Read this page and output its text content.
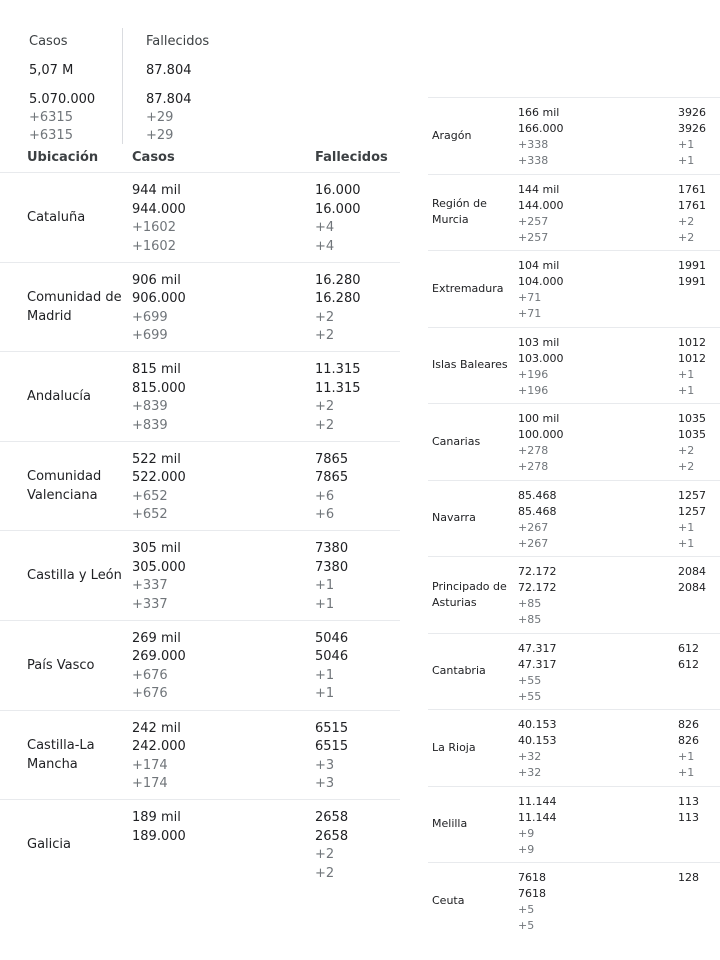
Casos
5,07 M
5.070.000
+6315
+6315
Fallecidos
87.804
87.804
+29
+29
Ubicación	Casos	Fallecidos
Cataluña
944 mil
944.000
+1602
+1602
16.000
16.000
+4
+4
Comunidad de Madrid
906 mil
906.000
+699
+699
16.280
16.280
+2
+2
Andalucía
815 mil
815.000
+839
+839
11.315
11.315
+2
+2
Comunidad Valenciana
522 mil
522.000
+652
+652
7865
7865
+6
+6
Castilla y León
305 mil
305.000
+337
+337
7380
7380
+1
+1
País Vasco
269 mil
269.000
+676
+676
5046
5046
+1
+1
Castilla-La Mancha
242 mil
242.000
+174
+174
6515
6515
+3
+3
Galicia
189 mil
189.000
2658
2658
+2
+2
Aragón
166 mil
166.000
+338
+338
3926
3926
+1
+1
Región de Murcia
144 mil
144.000
+257
+257
1761
1761
+2
+2
Extremadura
104 mil
104.000
+71
+71
1991
1991
Islas Baleares
103 mil
103.000
+196
+196
1012
1012
+1
+1
Canarias
100 mil
100.000
+278
+278
1035
1035
+2
+2
Navarra
85.468
85.468
+267
+267
1257
1257
+1
+1
Principado de Asturias
72.172
72.172
+85
+85
2084
2084
Cantabria
47.317
47.317
+55
+55
612
612
La Rioja
40.153
40.153
+32
+32
826
826
+1
+1
Melilla
11.144
11.144
+9
+9
113
113
Ceuta
7618
7618
+5
+5
128
